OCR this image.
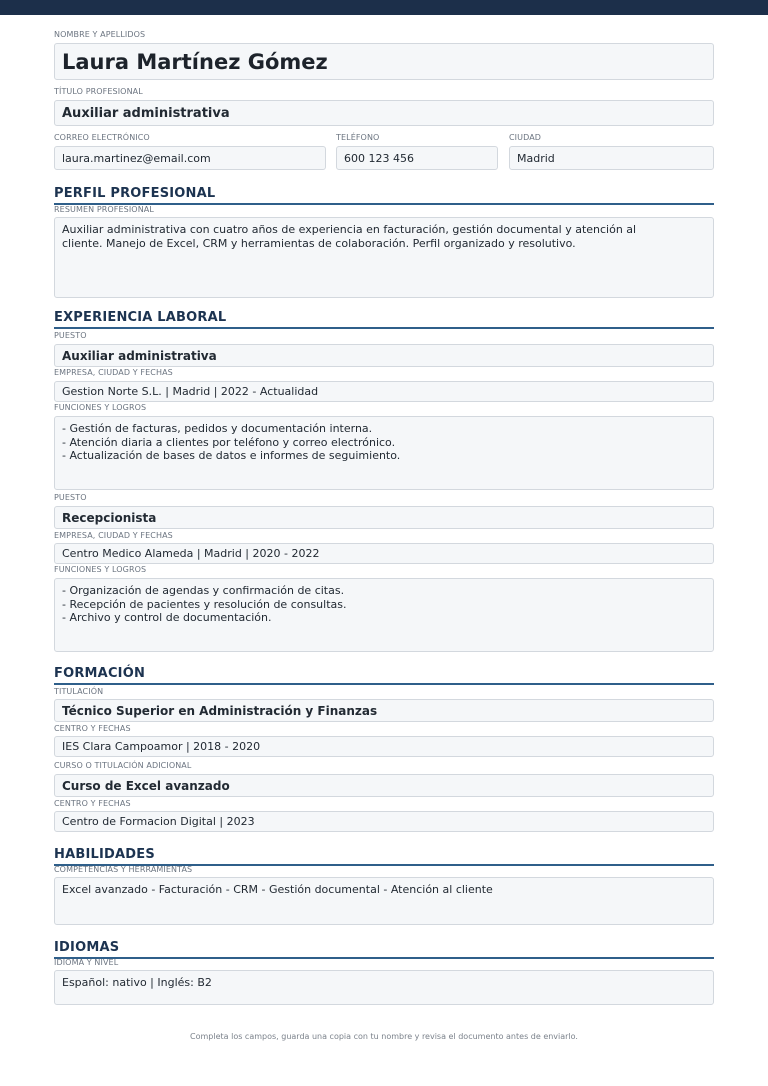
NOMBRE Y APELLIDOS
Laura Martínez Gómez
TÍTULO PROFESIONAL
Auxiliar administrativa
CORREO ELECTRÓNICO
laura.martinez@email.com
TELÉFONO
600 123 456
CIUDAD
Madrid
PERFIL PROFESIONAL
RESUMEN PROFESIONAL
Auxiliar administrativa con cuatro años de experiencia en facturación, gestión documental y atención al
cliente. Manejo de Excel, CRM y herramientas de colaboración. Perfil organizado y resolutivo.
EXPERIENCIA LABORAL
PUESTO
Auxiliar administrativa
EMPRESA, CIUDAD Y FECHAS
Gestion Norte S.L. | Madrid | 2022 - Actualidad
FUNCIONES Y LOGROS
- Gestión de facturas, pedidos y documentación interna.
- Atención diaria a clientes por teléfono y correo electrónico.
- Actualización de bases de datos e informes de seguimiento.
PUESTO
Recepcionista
EMPRESA, CIUDAD Y FECHAS
Centro Medico Alameda | Madrid | 2020 - 2022
FUNCIONES Y LOGROS
- Organización de agendas y confirmación de citas.
- Recepción de pacientes y resolución de consultas.
- Archivo y control de documentación.
FORMACIÓN
TITULACIÓN
Técnico Superior en Administración y Finanzas
CENTRO Y FECHAS
IES Clara Campoamor | 2018 - 2020
CURSO O TITULACIÓN ADICIONAL
Curso de Excel avanzado
CENTRO Y FECHAS
Centro de Formacion Digital | 2023
HABILIDADES
COMPETENCIAS Y HERRAMIENTAS
Excel avanzado - Facturación - CRM - Gestión documental - Atención al cliente
IDIOMAS
IDIOMA Y NIVEL
Español: nativo | Inglés: B2
Completa los campos, guarda una copia con tu nombre y revisa el documento antes de enviarlo.
